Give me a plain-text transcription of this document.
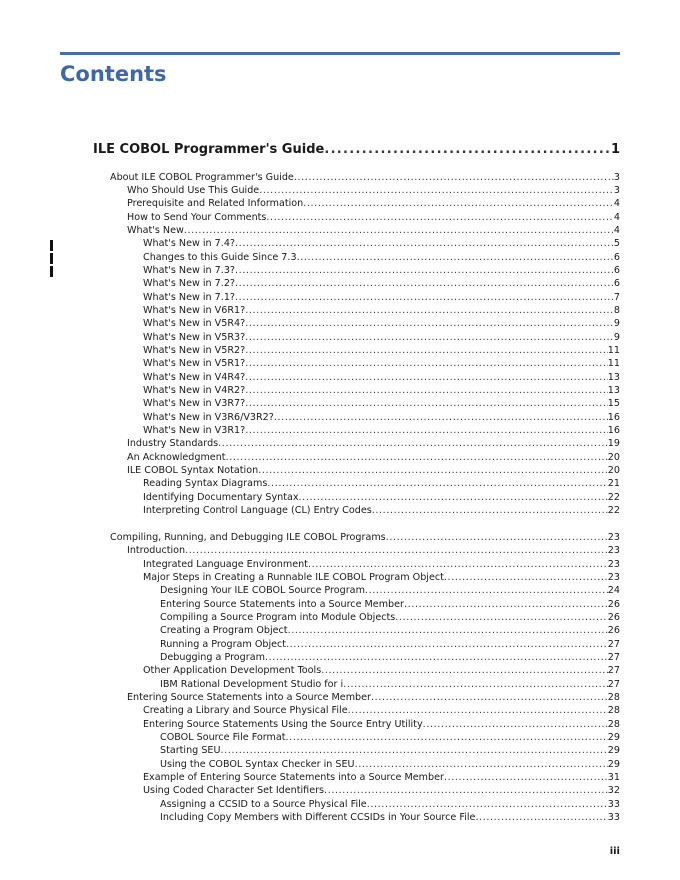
Contents
ILE COBOL Programmer's Guide .....	1
About ILE COBOL Programmer's Guide .....	3
Who Should Use This Guide .....	3
Prerequisite and Related Information .....	4
How to Send Your Comments .....	4
What's New .....	4
What's New in 7.4? .....	5
Changes to this Guide Since 7.3 .....	6
What's New in 7.3? .....	6
What's New in 7.2? .....	6
What's New in 7.1? .....	7
What's New in V6R1? .....	8
What's New in V5R4? .....	9
What's New in V5R3? .....	9
What's New in V5R2? .....	11
What's New in V5R1? .....	11
What's New in V4R4? .....	13
What's New in V4R2? .....	13
What's New in V3R7? .....	15
What's New in V3R6/V3R2? .....	16
What's New in V3R1? .....	16
Industry Standards .....	19
An Acknowledgment .....	20
ILE COBOL Syntax Notation .....	20
Reading Syntax Diagrams .....	21
Identifying Documentary Syntax .....	22
Interpreting Control Language (CL) Entry Codes .....	22
Compiling, Running, and Debugging ILE COBOL Programs .....	23
Introduction .....	23
Integrated Language Environment .....	23
Major Steps in Creating a Runnable ILE COBOL Program Object .....	23
Designing Your ILE COBOL Source Program .....	24
Entering Source Statements into a Source Member .....	26
Compiling a Source Program into Module Objects .....	26
Creating a Program Object .....	26
Running a Program Object .....	27
Debugging a Program .....	27
Other Application Development Tools .....	27
IBM Rational Development Studio for i .....	27
Entering Source Statements into a Source Member .....	28
Creating a Library and Source Physical File .....	28
Entering Source Statements Using the Source Entry Utility .....	28
COBOL Source File Format .....	29
Starting SEU .....	29
Using the COBOL Syntax Checker in SEU .....	29
Example of Entering Source Statements into a Source Member .....	31
Using Coded Character Set Identifiers .....	32
Assigning a CCSID to a Source Physical File .....	33
Including Copy Members with Different CCSIDs in Your Source File .....	33
iii
